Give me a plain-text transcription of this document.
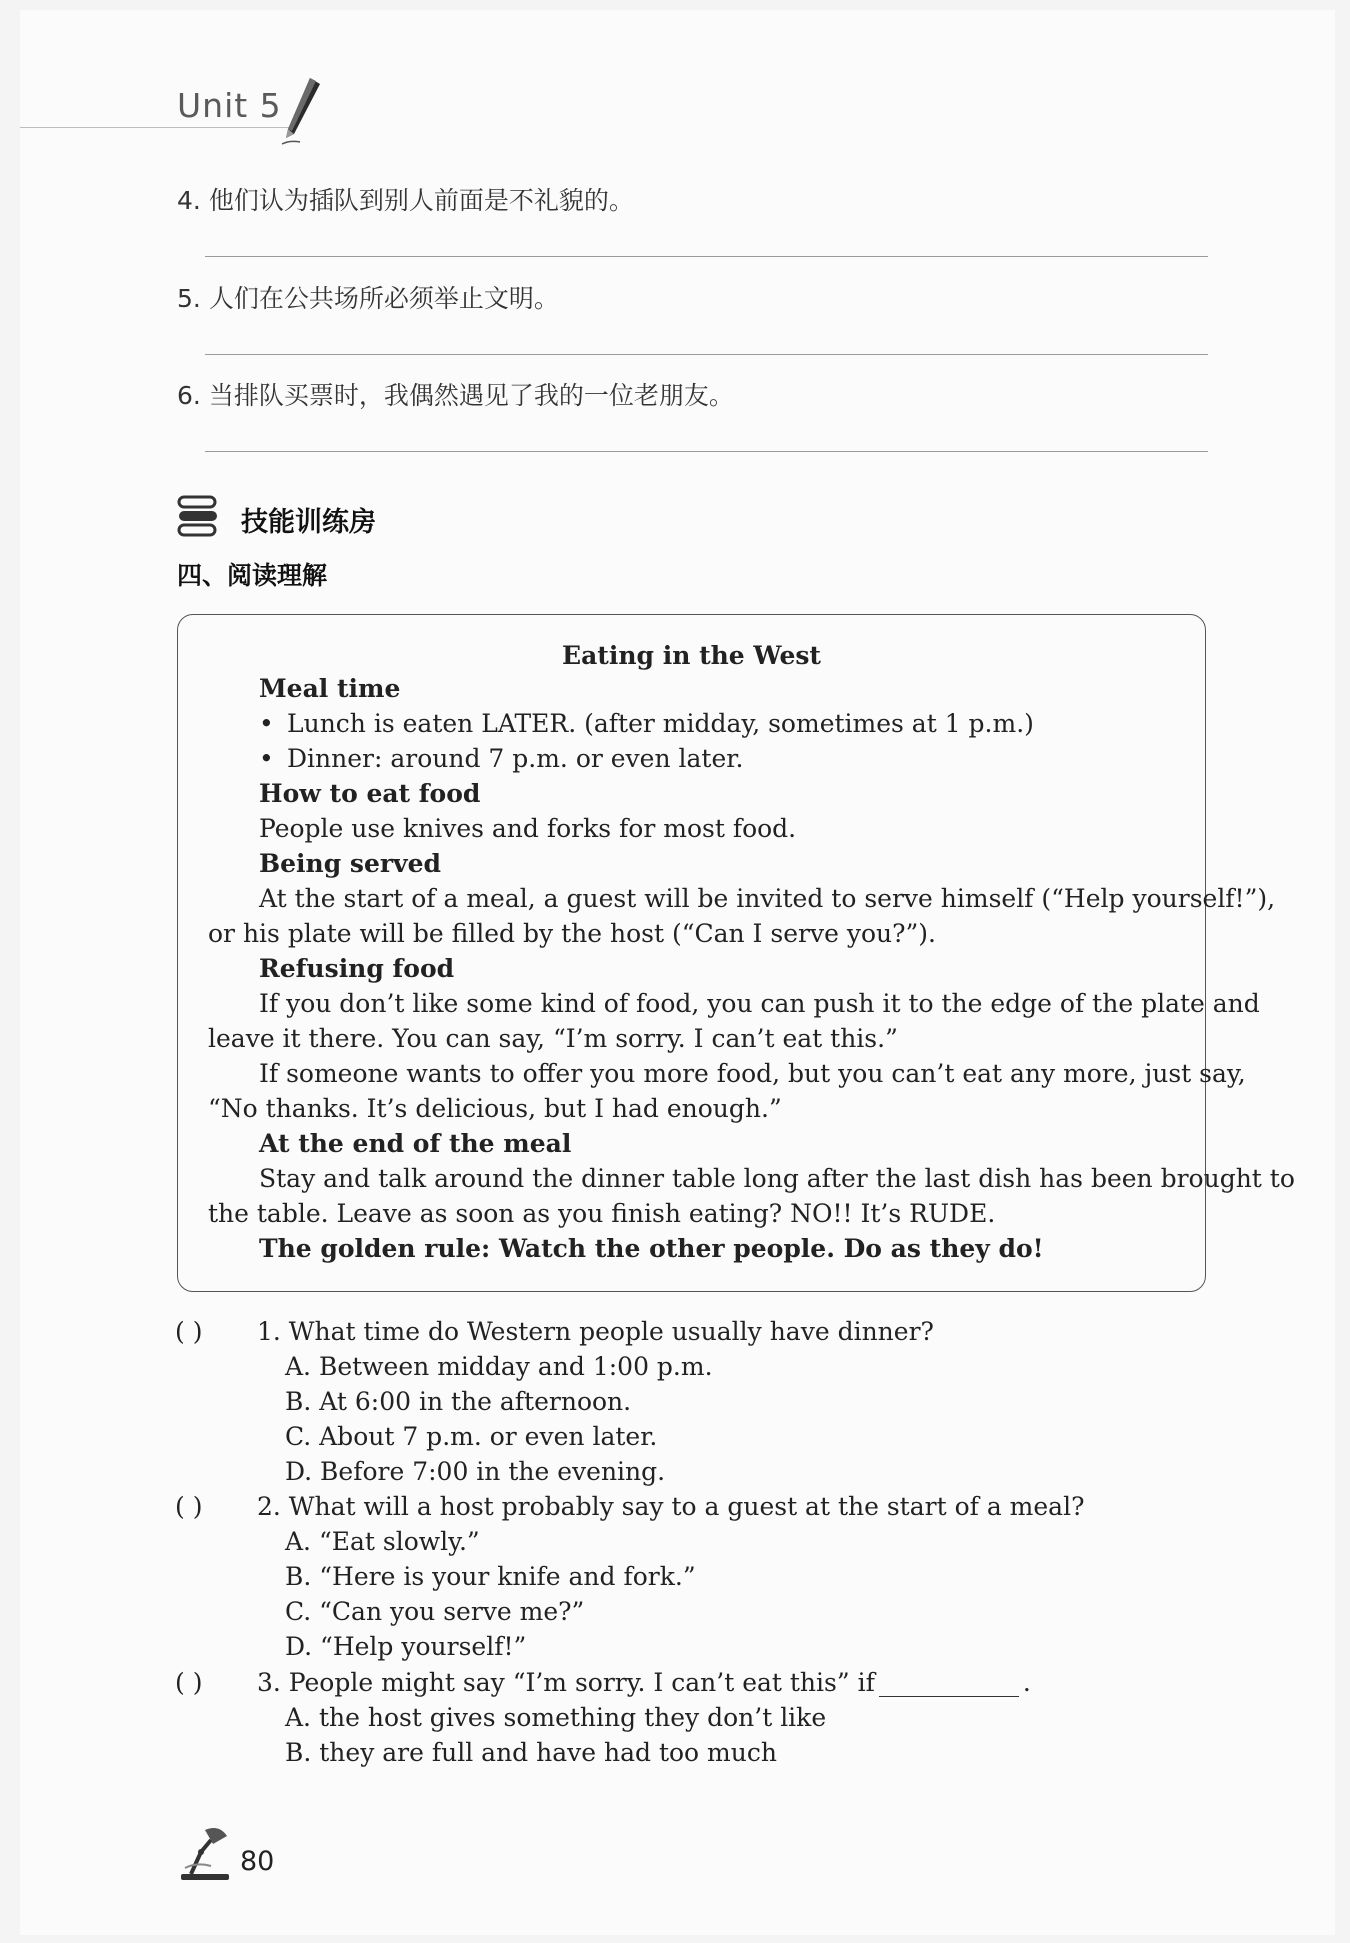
Unit 5
4. 他们认为插队到别人前面是不礼貌的。
5. 人们在公共场所必须举止文明。
6. 当排队买票时，我偶然遇见了我的一位老朋友。
技能训练房
四、阅读理解
Eating in the West
Meal time
• Lunch is eaten LATER. (after midday, sometimes at 1 p.m.)
• Dinner: around 7 p.m. or even later.
How to eat food
People use knives and forks for most food.
Being served
At the start of a meal, a guest will be invited to serve himself (“Help yourself!”),
or his plate will be filled by the host (“Can I serve you?”).
Refusing food
If you don’t like some kind of food, you can push it to the edge of the plate and
leave it there. You can say, “I’m sorry. I can’t eat this.”
If someone wants to offer you more food, but you can’t eat any more, just say,
“No thanks. It’s delicious, but I had enough.”
At the end of the meal
Stay and talk around the dinner table long after the last dish has been brought to
the table. Leave as soon as you finish eating? NO!! It’s RUDE.
The golden rule: Watch the other people. Do as they do!
( ) 1. What time do Western people usually have dinner?
A. Between midday and 1:00 p.m.
B. At 6:00 in the afternoon.
C. About 7 p.m. or even later.
D. Before 7:00 in the evening.
( ) 2. What will a host probably say to a guest at the start of a meal?
A. “Eat slowly.”
B. “Here is your knife and fork.”
C. “Can you serve me?”
D. “Help yourself!”
( ) 3. People might say “I’m sorry. I can’t eat this” if	.
A. the host gives something they don’t like
B. they are full and have had too much
80
